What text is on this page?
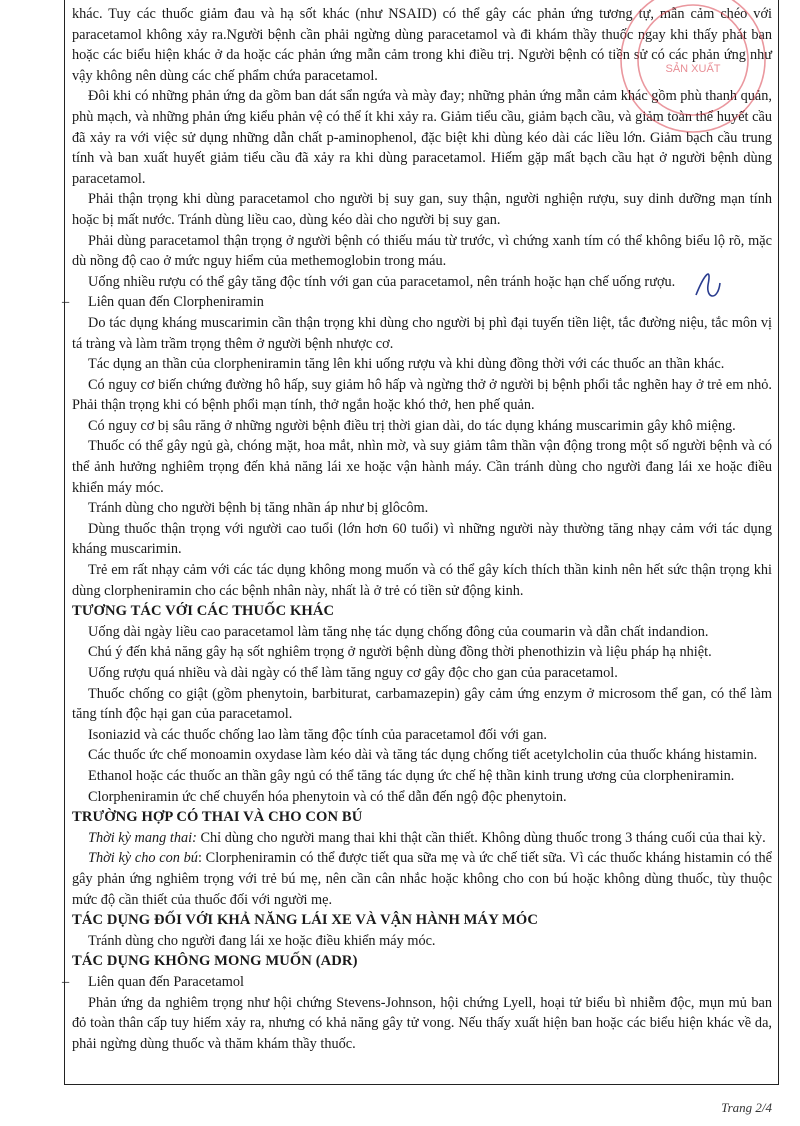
khác. Tuy các thuốc giảm đau và hạ sốt khác (như NSAID) có thể gây các phản ứng tương tự, mẫn cảm chéo với paracetamol không xảy ra.Người bệnh cần phải ngừng dùng paracetamol và đi khám thầy thuốc ngay khi thấy phát ban hoặc các biểu hiện khác ở da hoặc các phản ứng mẫn cảm trong khi điều trị. Người bệnh có tiền sử có các phản ứng như vậy không nên dùng các chế phẩm chứa paracetamol.

Đôi khi có những phản ứng da gồm ban dát sẩn ngứa và mày đay; những phản ứng mẫn cảm khác gồm phù thanh quản, phù mạch, và những phản ứng kiểu phản vệ có thể ít khi xảy ra. Giảm tiểu cầu, giảm bạch cầu, và giảm toàn thể huyết cầu đã xảy ra với việc sử dụng những dẫn chất p-aminophenol, đặc biệt khi dùng kéo dài các liều lớn. Giảm bạch cầu trung tính và ban xuất huyết giảm tiểu cầu đã xảy ra khi dùng paracetamol. Hiếm gặp mất bạch cầu hạt ở người bệnh dùng paracetamol.

Phải thận trọng khi dùng paracetamol cho người bị suy gan, suy thận, người nghiện rượu, suy dinh dưỡng mạn tính hoặc bị mất nước. Tránh dùng liều cao, dùng kéo dài cho người bị suy gan.

Phải dùng paracetamol thận trọng ở người bệnh có thiếu máu từ trước, vì chứng xanh tím có thể không biểu lộ rõ, mặc dù nồng độ cao ở mức nguy hiểm của methemoglobin trong máu.

Uống nhiều rượu có thể gây tăng độc tính với gan của paracetamol, nên tránh hoặc hạn chế uống rượu.

– Liên quan đến Clorpheniramin

Do tác dụng kháng muscarimin cần thận trọng khi dùng cho người bị phì đại tuyến tiền liệt, tắc đường niệu, tắc môn vị tá tràng và làm trầm trọng thêm ở người bệnh nhược cơ.

Tác dụng an thần của clorpheniramin tăng lên khi uống rượu và khi dùng đồng thời với các thuốc an thần khác.

Có nguy cơ biến chứng đường hô hấp, suy giảm hô hấp và ngừng thở ở người bị bệnh phổi tắc nghẽn hay ở trẻ em nhỏ. Phải thận trọng khi có bệnh phổi mạn tính, thở ngắn hoặc khó thở, hen phế quản.

Có nguy cơ bị sâu răng ở những người bệnh điều trị thời gian dài, do tác dụng kháng muscarimin gây khô miệng.

Thuốc có thể gây ngủ gà, chóng mặt, hoa mắt, nhìn mờ, và suy giảm tâm thần vận động trong một số người bệnh và có thể ảnh hưởng nghiêm trọng đến khả năng lái xe hoặc vận hành máy. Cần tránh dùng cho người đang lái xe hoặc điều khiển máy móc.

Tránh dùng cho người bệnh bị tăng nhãn áp như bị glôcôm.

Dùng thuốc thận trọng với người cao tuổi (lớn hơn 60 tuổi) vì những người này thường tăng nhạy cảm với tác dụng kháng muscarimin.

Trẻ em rất nhạy cảm với các tác dụng không mong muốn và có thể gây kích thích thần kinh nên hết sức thận trọng khi dùng clorpheniramin cho các bệnh nhân này, nhất là ở trẻ có tiền sử động kinh.

TƯƠNG TÁC VỚI CÁC THUỐC KHÁC

Uống dài ngày liều cao paracetamol làm tăng nhẹ tác dụng chống đông của coumarin và dẫn chất indandion.

Chú ý đến khả năng gây hạ sốt nghiêm trọng ở người bệnh dùng đồng thời phenothizin và liệu pháp hạ nhiệt.

Uống rượu quá nhiều và dài ngày có thể làm tăng nguy cơ gây độc cho gan của paracetamol.

Thuốc chống co giật (gồm phenytoin, barbiturat, carbamazepin) gây cảm ứng enzym ở microsom thể gan, có thể làm tăng tính độc hại gan của paracetamol.

Isoniazid và các thuốc chống lao làm tăng độc tính của paracetamol đối với gan.

Các thuốc ức chế monoamin oxydase làm kéo dài và tăng tác dụng chống tiết acetylcholin của thuốc kháng histamin.

Ethanol hoặc các thuốc an thần gây ngủ có thể tăng tác dụng ức chế hệ thần kinh trung ương của clorpheniramin.

Clorpheniramin ức chế chuyển hóa phenytoin và có thể dẫn đến ngộ độc phenytoin.

TRƯỜNG HỢP CÓ THAI VÀ CHO CON BÚ

Thời kỳ mang thai: Chỉ dùng cho người mang thai khi thật cần thiết. Không dùng thuốc trong 3 tháng cuối của thai kỳ.

Thời kỳ cho con bú: Clorpheniramin có thể được tiết qua sữa mẹ và ức chế tiết sữa. Vì các thuốc kháng histamin có thể gây phản ứng nghiêm trọng với trẻ bú mẹ, nên cần cân nhắc hoặc không cho con bú hoặc không dùng thuốc, tùy thuộc mức độ cần thiết của thuốc đối với người mẹ.

TÁC DỤNG ĐỐI VỚI KHẢ NĂNG LÁI XE VÀ VẬN HÀNH MÁY MÓC

Tránh dùng cho người đang lái xe hoặc điều khiển máy móc.

TÁC DỤNG KHÔNG MONG MUỐN (ADR)

– Liên quan đến Paracetamol

Phản ứng da nghiêm trọng như hội chứng Stevens-Johnson, hội chứng Lyell, hoại tử biểu bì nhiễm độc, mụn mủ ban đỏ toàn thân cấp tuy hiếm xảy ra, nhưng có khả năng gây tử vong. Nếu thấy xuất hiện ban hoặc các biểu hiện khác về da, phải ngừng dùng thuốc và thăm khám thầy thuốc.

SẢN XUẤT
Trang 2/4
